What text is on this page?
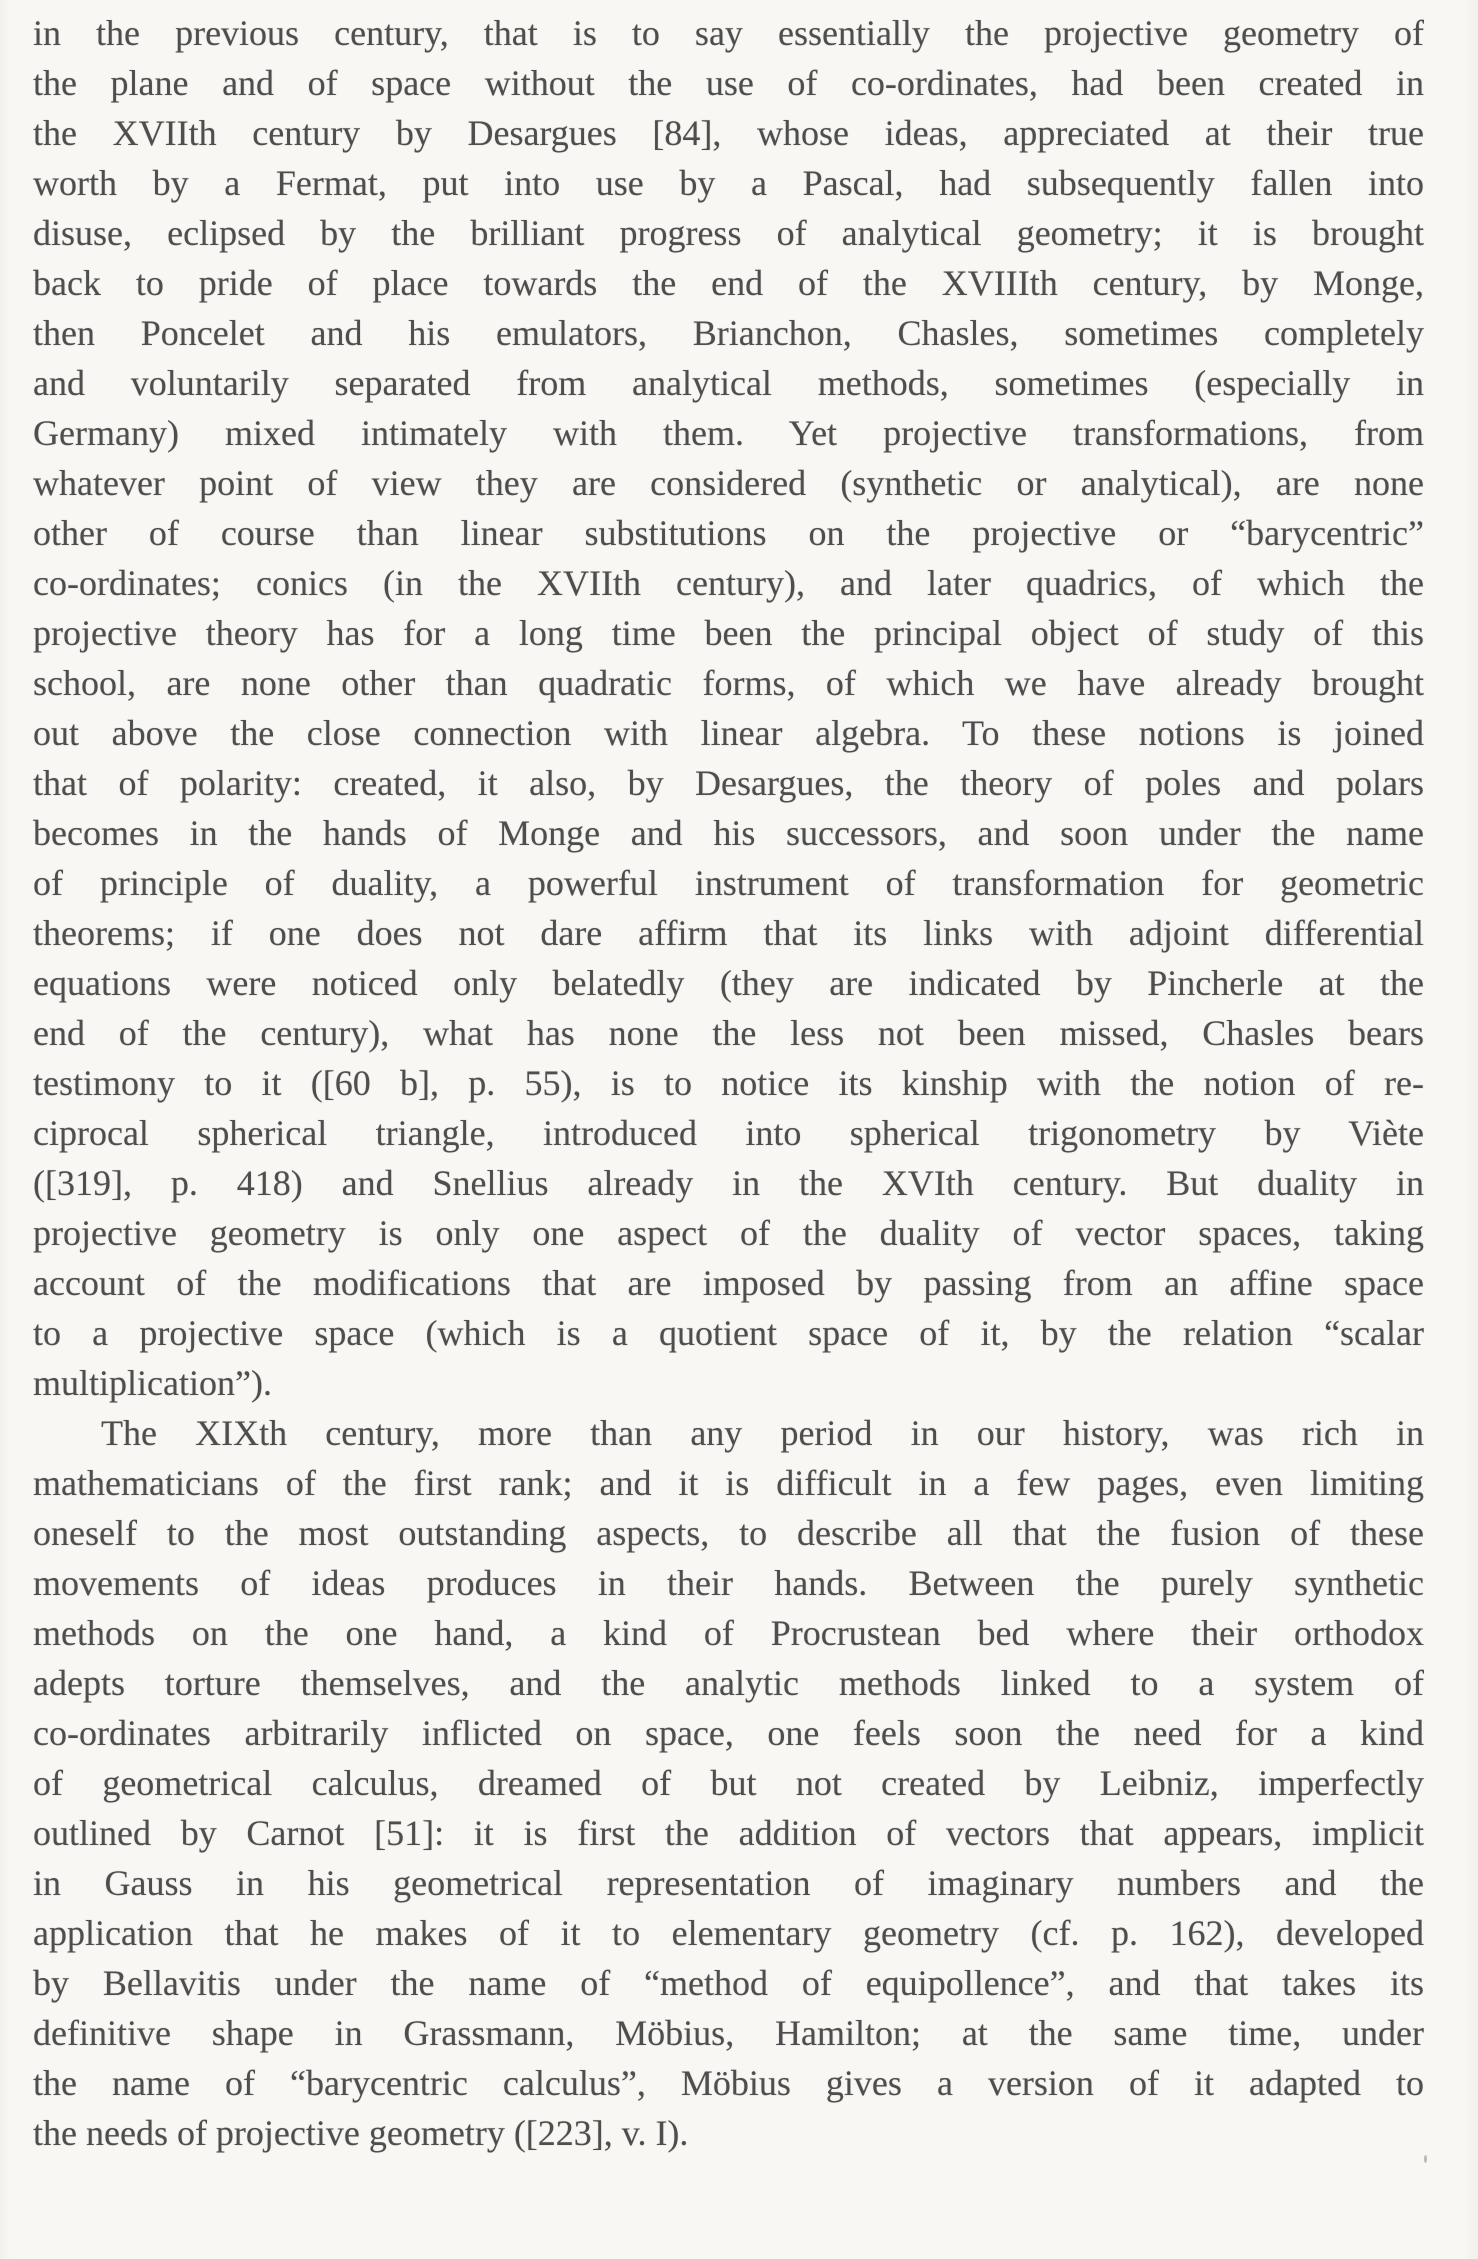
in the previous century, that is to say essentially the projective geometry of
the plane and of space without the use of co-ordinates, had been created in
the XVIIth century by Desargues [84], whose ideas, appreciated at their true
worth by a Fermat, put into use by a Pascal, had subsequently fallen into
disuse, eclipsed by the brilliant progress of analytical geometry; it is brought
back to pride of place towards the end of the XVIIIth century, by Monge,
then Poncelet and his emulators, Brianchon, Chasles, sometimes completely
and voluntarily separated from analytical methods, sometimes (especially in
Germany) mixed intimately with them. Yet projective transformations, from
whatever point of view they are considered (synthetic or analytical), are none
other of course than linear substitutions on the projective or “barycentric”
co-ordinates; conics (in the XVIIth century), and later quadrics, of which the
projective theory has for a long time been the principal object of study of this
school, are none other than quadratic forms, of which we have already brought
out above the close connection with linear algebra. To these notions is joined
that of polarity: created, it also, by Desargues, the theory of poles and polars
becomes in the hands of Monge and his successors, and soon under the name
of principle of duality, a powerful instrument of transformation for geometric
theorems; if one does not dare affirm that its links with adjoint differential
equations were noticed only belatedly (they are indicated by Pincherle at the
end of the century), what has none the less not been missed, Chasles bears
testimony to it ([60 b], p. 55), is to notice its kinship with the notion of re-
ciprocal spherical triangle, introduced into spherical trigonometry by Viète
([319], p. 418) and Snellius already in the XVIth century. But duality in
projective geometry is only one aspect of the duality of vector spaces, taking
account of the modifications that are imposed by passing from an affine space
to a projective space (which is a quotient space of it, by the relation “scalar
multiplication”).
The XIXth century, more than any period in our history, was rich in
mathematicians of the first rank; and it is difficult in a few pages, even limiting
oneself to the most outstanding aspects, to describe all that the fusion of these
movements of ideas produces in their hands. Between the purely synthetic
methods on the one hand, a kind of Procrustean bed where their orthodox
adepts torture themselves, and the analytic methods linked to a system of
co-ordinates arbitrarily inflicted on space, one feels soon the need for a kind
of geometrical calculus, dreamed of but not created by Leibniz, imperfectly
outlined by Carnot [51]: it is first the addition of vectors that appears, implicit
in Gauss in his geometrical representation of imaginary numbers and the
application that he makes of it to elementary geometry (cf. p. 162), developed
by Bellavitis under the name of “method of equipollence”, and that takes its
definitive shape in Grassmann, Möbius, Hamilton; at the same time, under
the name of “barycentric calculus”, Möbius gives a version of it adapted to
the needs of projective geometry ([223], v. I).
